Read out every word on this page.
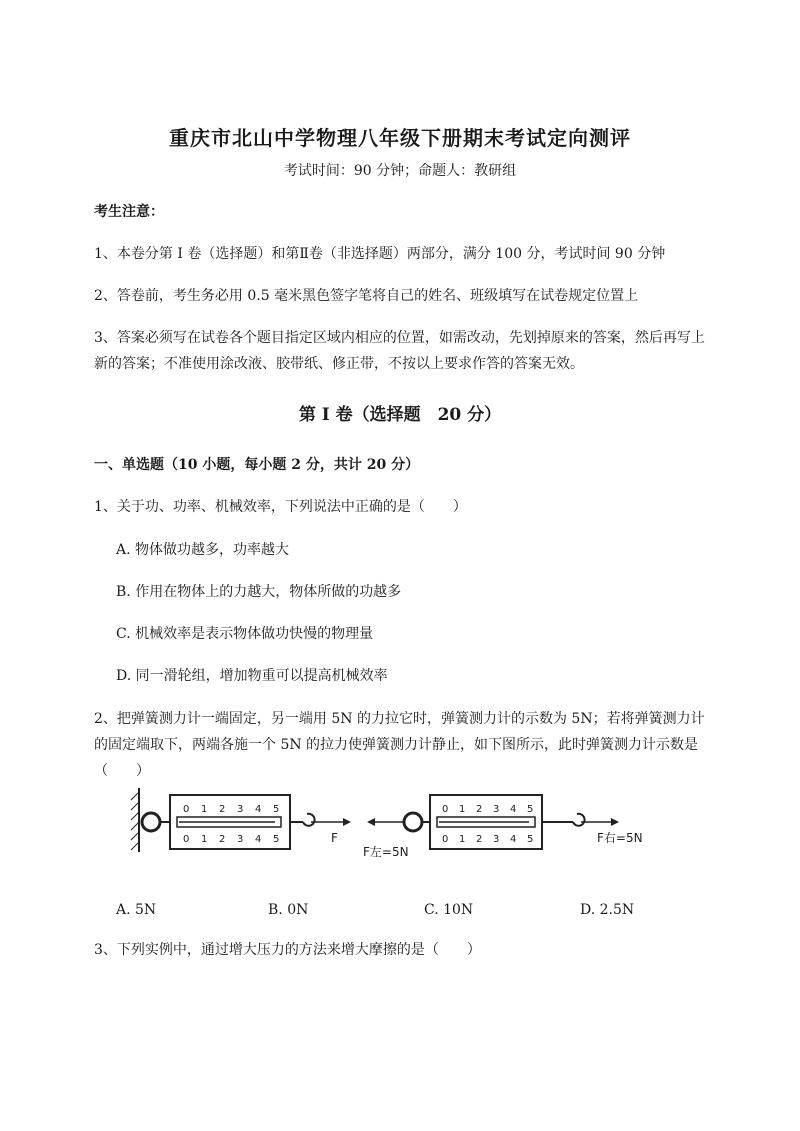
重庆市北山中学物理八年级下册期末考试定向测评
考试时间：90 分钟；命题人：教研组
考生注意：
1、本卷分第 I 卷（选择题）和第Ⅱ卷（非选择题）两部分，满分 100 分，考试时间 90 分钟
2、答卷前，考生务必用 0.5 毫米黑色签字笔将自己的姓名、班级填写在试卷规定位置上
3、答案必须写在试卷各个题目指定区域内相应的位置，如需改动，先划掉原来的答案，然后再写上新的答案；不准使用涂改液、胶带纸、修正带，不按以上要求作答的答案无效。
第 I 卷（选择题　20 分）
一、单选题（10 小题，每小题 2 分，共计 20 分）
1、关于功、功率、机械效率，下列说法中正确的是（　　）
A. 物体做功越多，功率越大
B. 作用在物体上的力越大，物体所做的功越多
C. 机械效率是表示物体做功快慢的物理量
D. 同一滑轮组，增加物重可以提高机械效率
2、把弹簧测力计一端固定，另一端用 5N 的力拉它时，弹簧测力计的示数为 5N；若将弹簧测力计的固定端取下，两端各施一个 5N 的拉力使弹簧测力计静止，如下图所示，此时弹簧测力计示数是（　　）
0 1 2 3 4 5
0 1 2 3 4 5	F
F左=5N
0 1 2 3 4 5
0 1 2 3 4 5	F右=5N
A. 5N	B. 0N	C. 10N	D. 2.5N
3、下列实例中，通过增大压力的方法来增大摩擦的是（　　）
